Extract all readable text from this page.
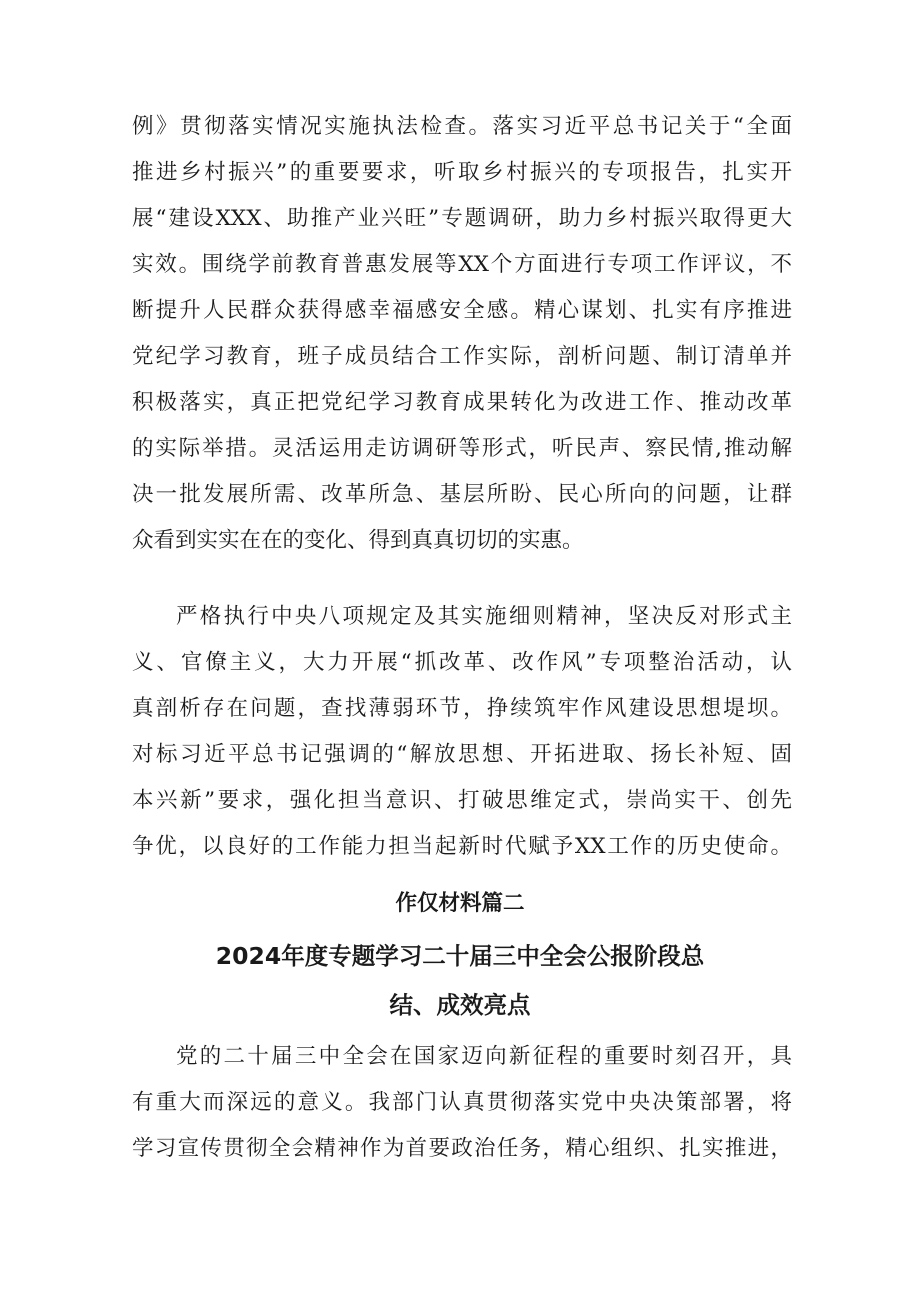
例》贯彻落实情况实施执法检查。落实习近平总书记关于“全面
推进乡村振兴”的重要要求，听取乡村振兴的专项报告，扎实开
展“建设XXX、助推产业兴旺”专题调研，助力乡村振兴取得更大
实效。围绕学前教育普惠发展等XX个方面进行专项工作评议，不
断提升人民群众获得感幸福感安全感。精心谋划、扎实有序推进
党纪学习教育，班子成员结合工作实际，剖析问题、制订清单并
积极落实，真正把党纪学习教育成果转化为改进工作、推动改革
的实际举措。灵活运用走访调研等形式，听民声、察民情,推动解
决一批发展所需、改革所急、基层所盼、民心所向的问题，让群
众看到实实在在的变化、得到真真切切的实惠。
严格执行中央八项规定及其实施细则精神，坚决反对形式主
义、官僚主义，大力开展“抓改革、改作风”专项整治活动，认
真剖析存在问题，查找薄弱环节，挣续筑牢作风建设思想堤坝。
对标习近平总书记强调的“解放思想、开拓进取、扬长补短、固
本兴新”要求，强化担当意识、打破思维定式，崇尚实干、创先
争优，以良好的工作能力担当起新时代赋予XX工作的历史使命。
作仅材料篇二
2024年度专题学习二十届三中全会公报阶段总
结、成效亮点
党的二十届三中全会在国家迈向新征程的重要时刻召开，具
有重大而深远的意义。我部门认真贯彻落实党中央决策部署，将
学习宣传贯彻全会精神作为首要政治任务，精心组织、扎实推进，
